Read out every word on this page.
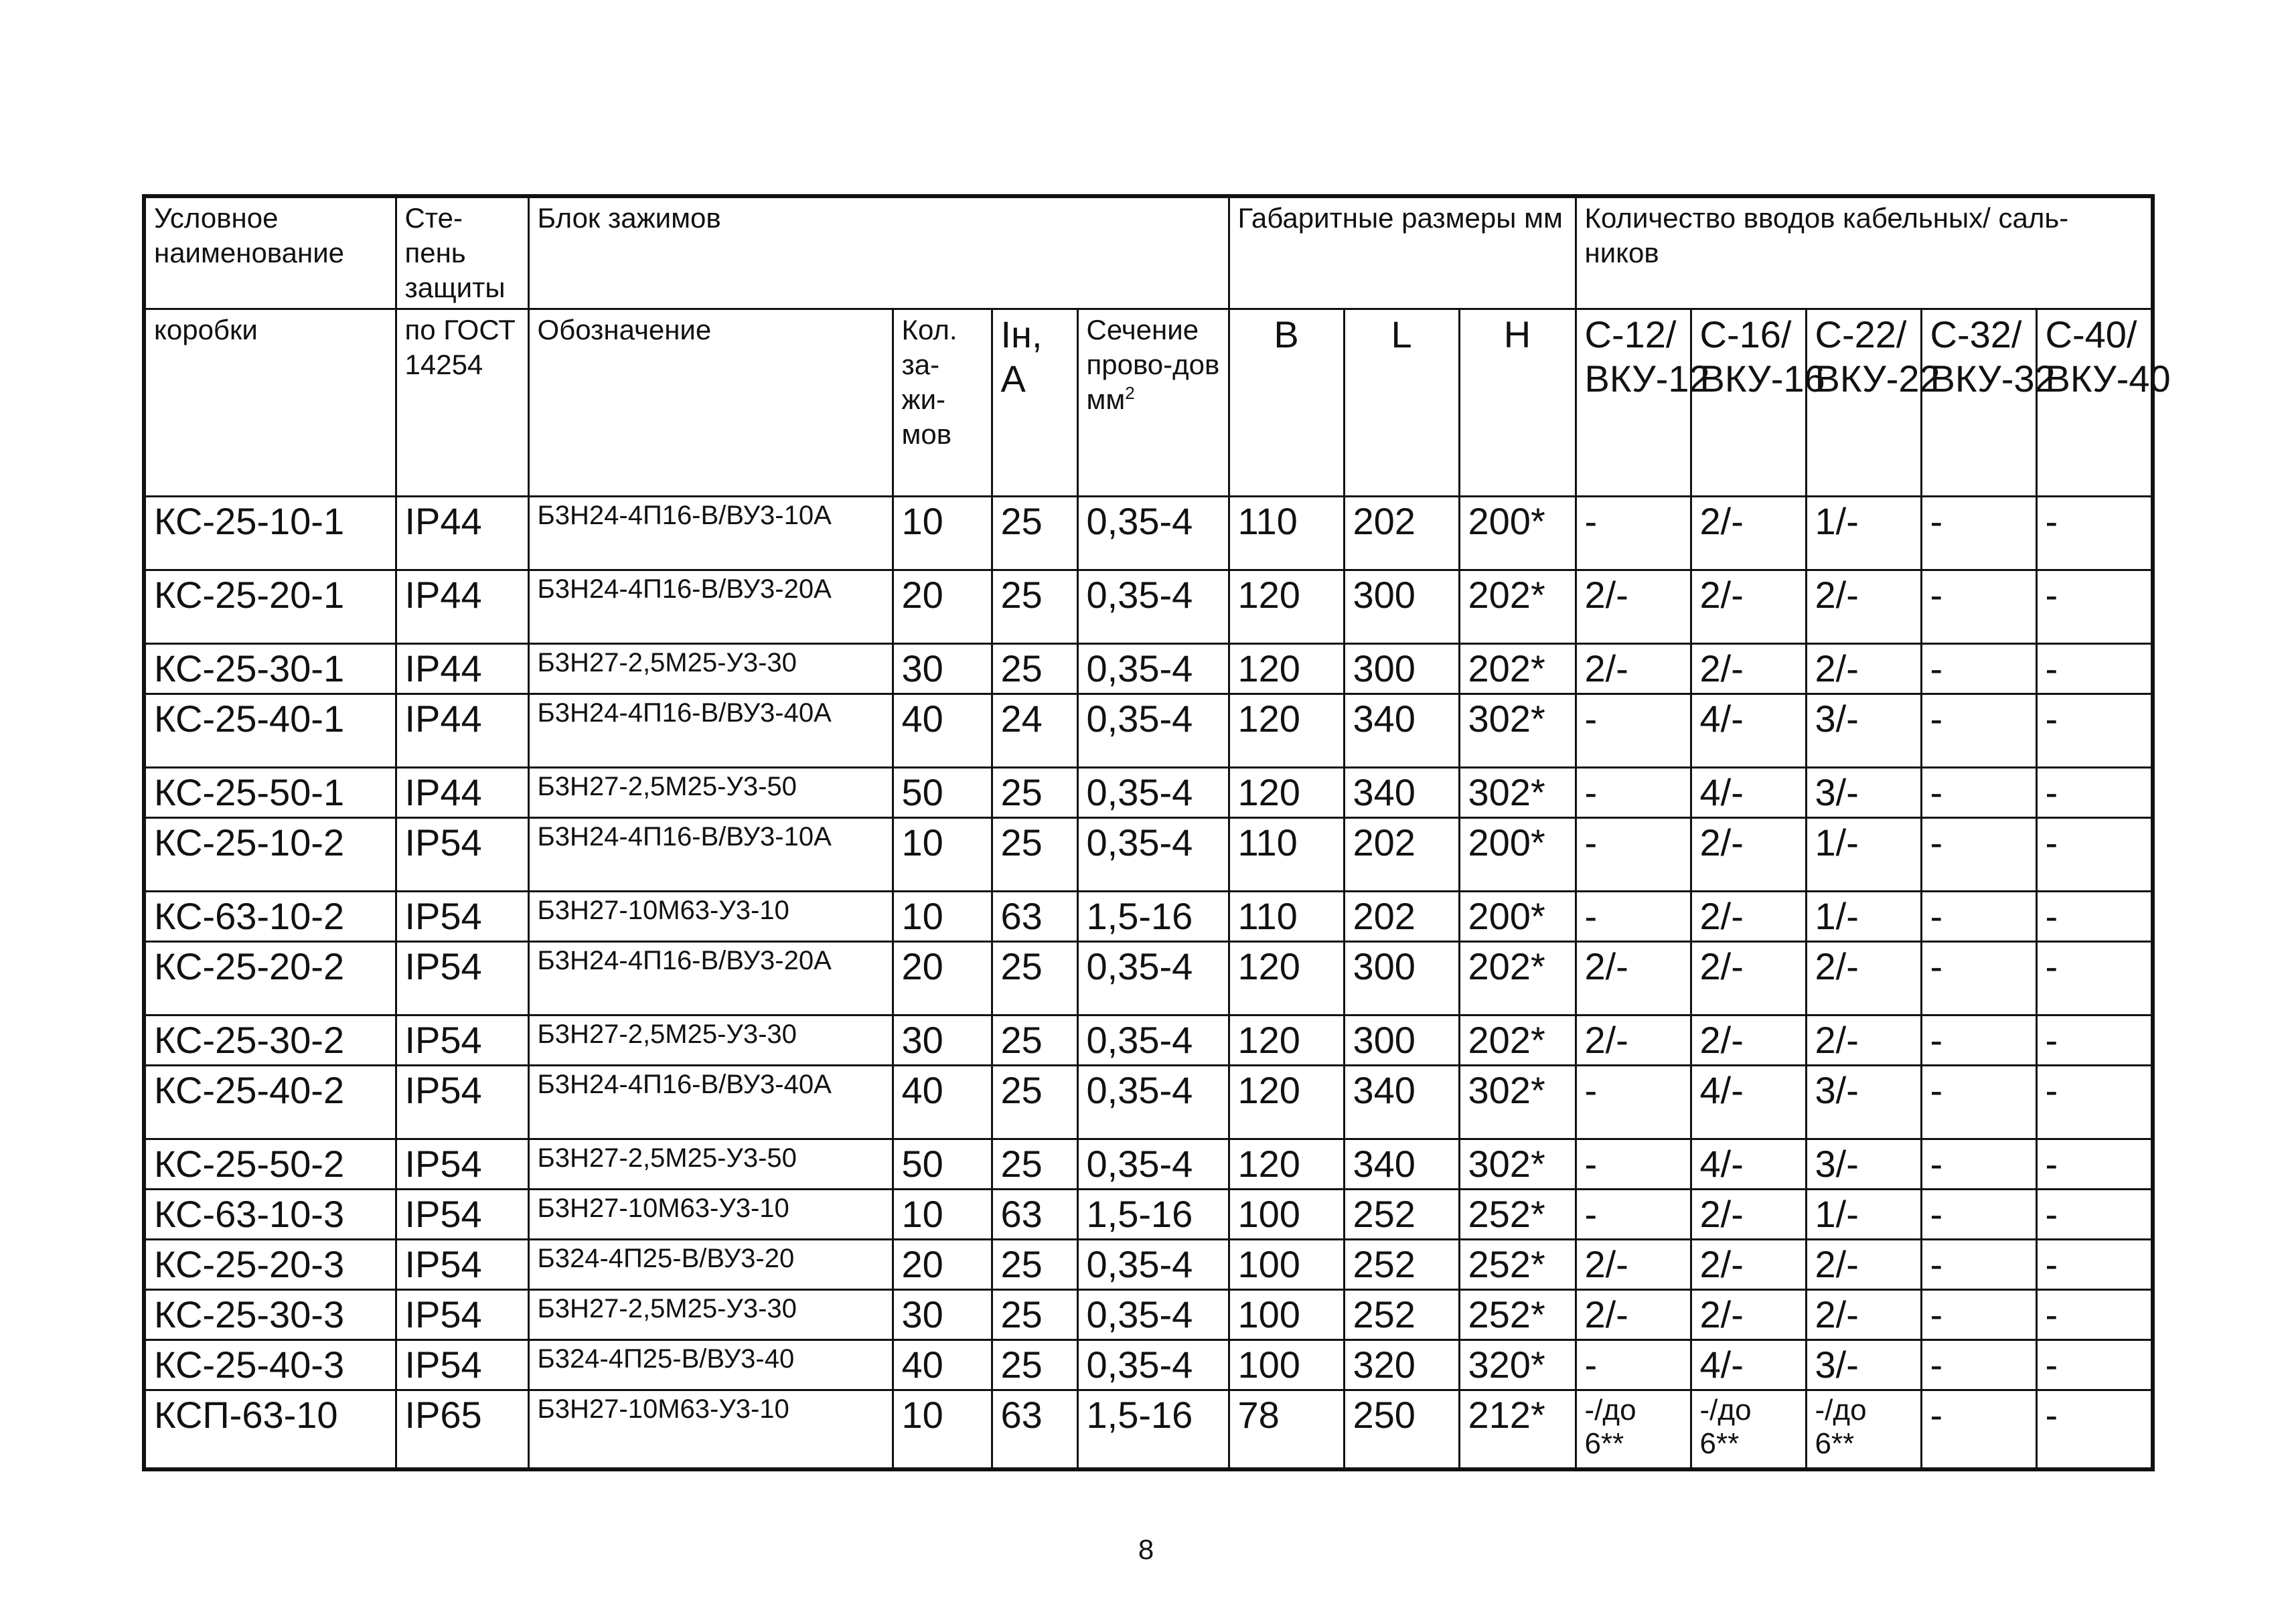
Условное наименование	Сте-пень защиты	Блок зажимов				Габаритные размеры мм			Количество вводов кабельных/ саль-ников				
коробки	по ГОСТ 14254	Обозначение	Кол. за-жи-мов	Iн, А	Сечение прово-дов $мм^2$	B	L	H	С-12/ ВКУ-12	С-16/ ВКУ-16	С-22/ ВКУ-22	С-32/ ВКУ-32	С-40/ ВКУ-40
КС-25-10-1	IP44	Б3Н24-4П16-В/ВУ3-10А	10	25	0,35-4	110	202	200*	-	2/-	1/-	-	-
КС-25-20-1	IP44	Б3Н24-4П16-В/ВУ3-20А	20	25	0,35-4	120	300	202*	2/-	2/-	2/-	-	-
КС-25-30-1	IP44	Б3Н27-2,5М25-У3-30	30	25	0,35-4	120	300	202*	2/-	2/-	2/-	-	-
КС-25-40-1	IP44	Б3Н24-4П16-В/ВУ3-40А	40	24	0,35-4	120	340	302*	-	4/-	3/-	-	-
КС-25-50-1	IP44	Б3Н27-2,5М25-У3-50	50	25	0,35-4	120	340	302*	-	4/-	3/-	-	-
КС-25-10-2	IP54	Б3Н24-4П16-В/ВУ3-10А	10	25	0,35-4	110	202	200*	-	2/-	1/-	-	-
КС-63-10-2	IP54	Б3Н27-10М63-У3-10	10	63	1,5-16	110	202	200*	-	2/-	1/-	-	-
КС-25-20-2	IP54	Б3Н24-4П16-В/ВУ3-20А	20	25	0,35-4	120	300	202*	2/-	2/-	2/-	-	-
КС-25-30-2	IP54	Б3Н27-2,5М25-У3-30	30	25	0,35-4	120	300	202*	2/-	2/-	2/-	-	-
КС-25-40-2	IP54	Б3Н24-4П16-В/ВУ3-40А	40	25	0,35-4	120	340	302*	-	4/-	3/-	-	-
КС-25-50-2	IP54	Б3Н27-2,5М25-У3-50	50	25	0,35-4	120	340	302*	-	4/-	3/-	-	-
КС-63-10-3	IP54	Б3Н27-10М63-У3-10	10	63	1,5-16	100	252	252*	-	2/-	1/-	-	-
КС-25-20-3	IP54	Б324-4П25-В/ВУ3-20	20	25	0,35-4	100	252	252*	2/-	2/-	2/-	-	-
КС-25-30-3	IP54	Б3Н27-2,5М25-У3-30	30	25	0,35-4	100	252	252*	2/-	2/-	2/-	-	-
КС-25-40-3	IP54	Б324-4П25-В/ВУ3-40	40	25	0,35-4	100	320	320*	-	4/-	3/-	-	-
КСП-63-10	IP65	Б3Н27-10М63-У3-10	10	63	1,5-16	78	250	212*	-/до 6**	-/до 6**	-/до 6**	-	-
8
